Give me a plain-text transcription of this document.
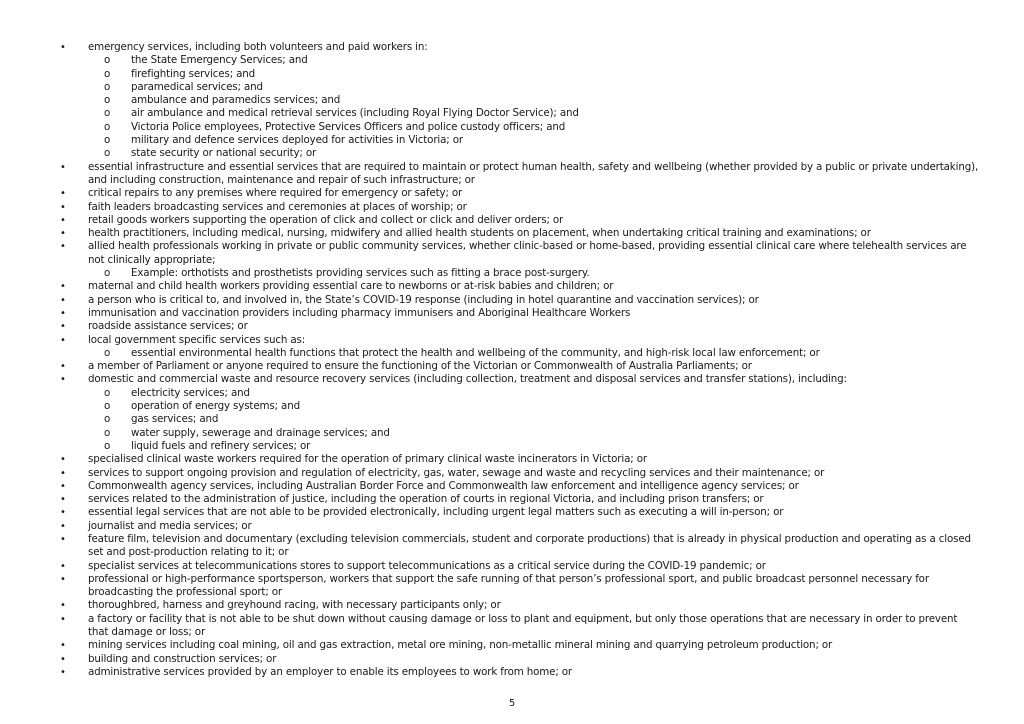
•	emergency services, including both volunteers and paid workers in:
o	the State Emergency Services; and
o	firefighting services; and
o	paramedical services; and
o	ambulance and paramedics services; and
o	air ambulance and medical retrieval services (including Royal Flying Doctor Service); and
o	Victoria Police employees, Protective Services Officers and police custody officers; and
o	military and defence services deployed for activities in Victoria; or
o	state security or national security; or
•	essential infrastructure and essential services that are required to maintain or protect human health, safety and wellbeing (whether provided by a public or private undertaking), and including construction, maintenance and repair of such infrastructure; or
•	critical repairs to any premises where required for emergency or safety; or
•	faith leaders broadcasting services and ceremonies at places of worship; or
•	retail goods workers supporting the operation of click and collect or click and deliver orders; or
•	health practitioners, including medical, nursing, midwifery and allied health students on placement, when undertaking critical training and examinations; or
•	allied health professionals working in private or public community services, whether clinic-based or home-based, providing essential clinical care where telehealth services are not clinically appropriate;
o	Example: orthotists and prosthetists providing services such as fitting a brace post-surgery.
•	maternal and child health workers providing essential care to newborns or at-risk babies and children; or
•	a person who is critical to, and involved in, the State’s COVID-19 response (including in hotel quarantine and vaccination services); or
•	immunisation and vaccination providers including pharmacy immunisers and Aboriginal Healthcare Workers
•	roadside assistance services; or
•	local government specific services such as:
o	essential environmental health functions that protect the health and wellbeing of the community, and high-risk local law enforcement; or
•	a member of Parliament or anyone required to ensure the functioning of the Victorian or Commonwealth of Australia Parliaments; or
•	domestic and commercial waste and resource recovery services (including collection, treatment and disposal services and transfer stations), including:
o	electricity services; and
o	operation of energy systems; and
o	gas services; and
o	water supply, sewerage and drainage services; and
o	liquid fuels and refinery services; or
•	specialised clinical waste workers required for the operation of primary clinical waste incinerators in Victoria; or
•	services to support ongoing provision and regulation of electricity, gas, water, sewage and waste and recycling services and their maintenance; or
•	Commonwealth agency services, including Australian Border Force and Commonwealth law enforcement and intelligence agency services; or
•	services related to the administration of justice, including the operation of courts in regional Victoria, and including prison transfers; or
•	essential legal services that are not able to be provided electronically, including urgent legal matters such as executing a will in-person; or
•	journalist and media services; or
•	feature film, television and documentary (excluding television commercials, student and corporate productions) that is already in physical production and operating as a closed set and post-production relating to it; or
•	specialist services at telecommunications stores to support telecommunications as a critical service during the COVID-19 pandemic; or
•	professional or high-performance sportsperson, workers that support the safe running of that person’s professional sport, and public broadcast personnel necessary for broadcasting the professional sport; or
•	thoroughbred, harness and greyhound racing, with necessary participants only; or
•	a factory or facility that is not able to be shut down without causing damage or loss to plant and equipment, but only those operations that are necessary in order to prevent that damage or loss; or
•	mining services including coal mining, oil and gas extraction, metal ore mining, non-metallic mineral mining and quarrying petroleum production; or
•	building and construction services; or
•	administrative services provided by an employer to enable its employees to work from home; or
5
